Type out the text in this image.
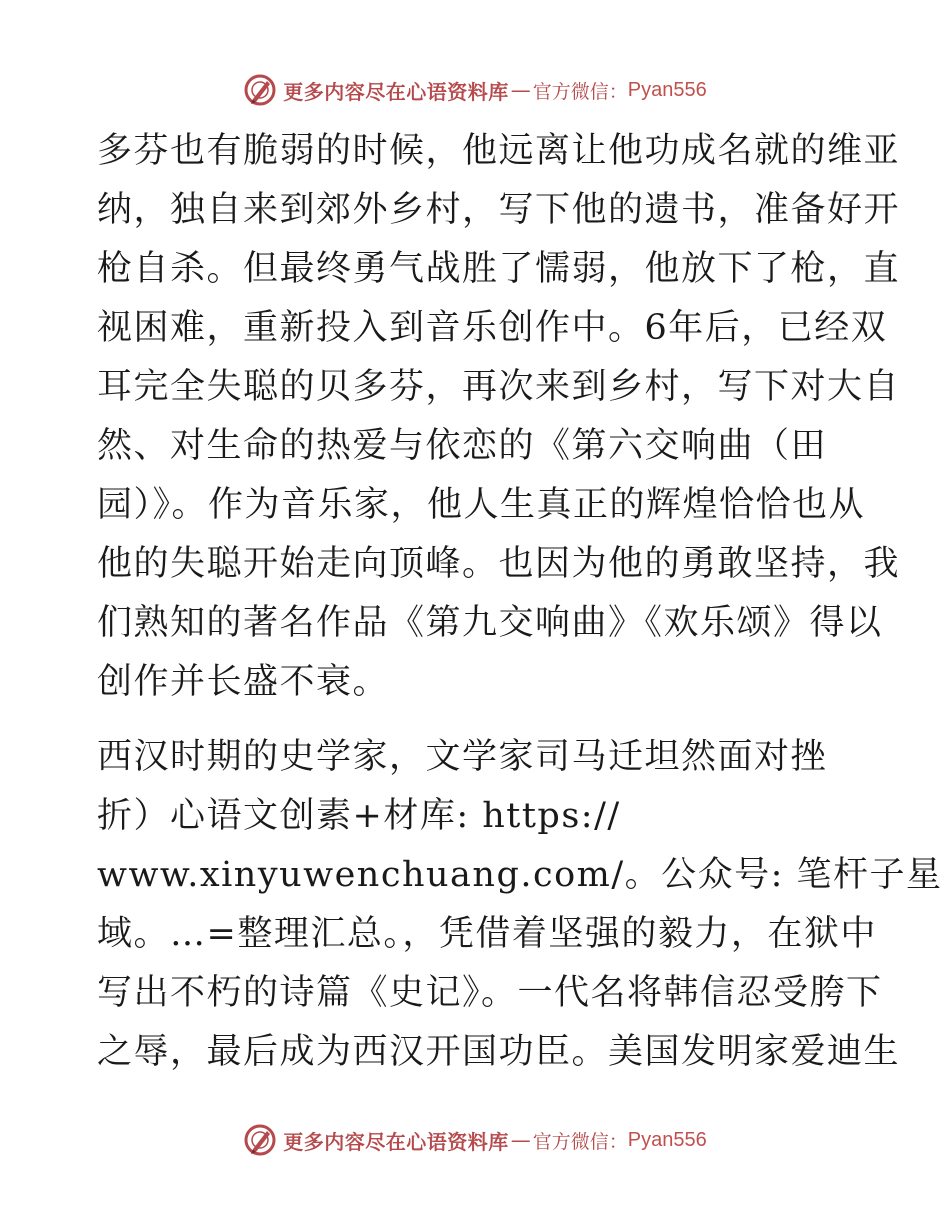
更多内容尽在心语资料库 — 官方微信： Pyan556
多芬也有脆弱的时候，他远离让他功成名就的维亚
纳，独自来到郊外乡村，写下他的遗书，准备好开
枪自杀。但最终勇气战胜了懦弱，他放下了枪，直
视困难，重新投入到音乐创作中。6年后，已经双
耳完全失聪的贝多芬，再次来到乡村，写下对大自
然、对生命的热爱与依恋的《第六交响曲（田
园）》。作为音乐家，他人生真正的辉煌恰恰也从
他的失聪开始走向顶峰。也因为他的勇敢坚持，我
们熟知的著名作品《第九交响曲》《欢乐颂》得以
创作并长盛不衰。
西汉时期的史学家，文学家司马迁坦然面对挫
折）心语文创素+材库: https://
www.xinyuwenchuang.com/。公众号: 笔杆子星
域。…=整理汇总。，凭借着坚强的毅力，在狱中
写出不朽的诗篇《史记》。一代名将韩信忍受胯下
之辱，最后成为西汉开国功臣。美国发明家爱迪生
更多内容尽在心语资料库 — 官方微信： Pyan556
